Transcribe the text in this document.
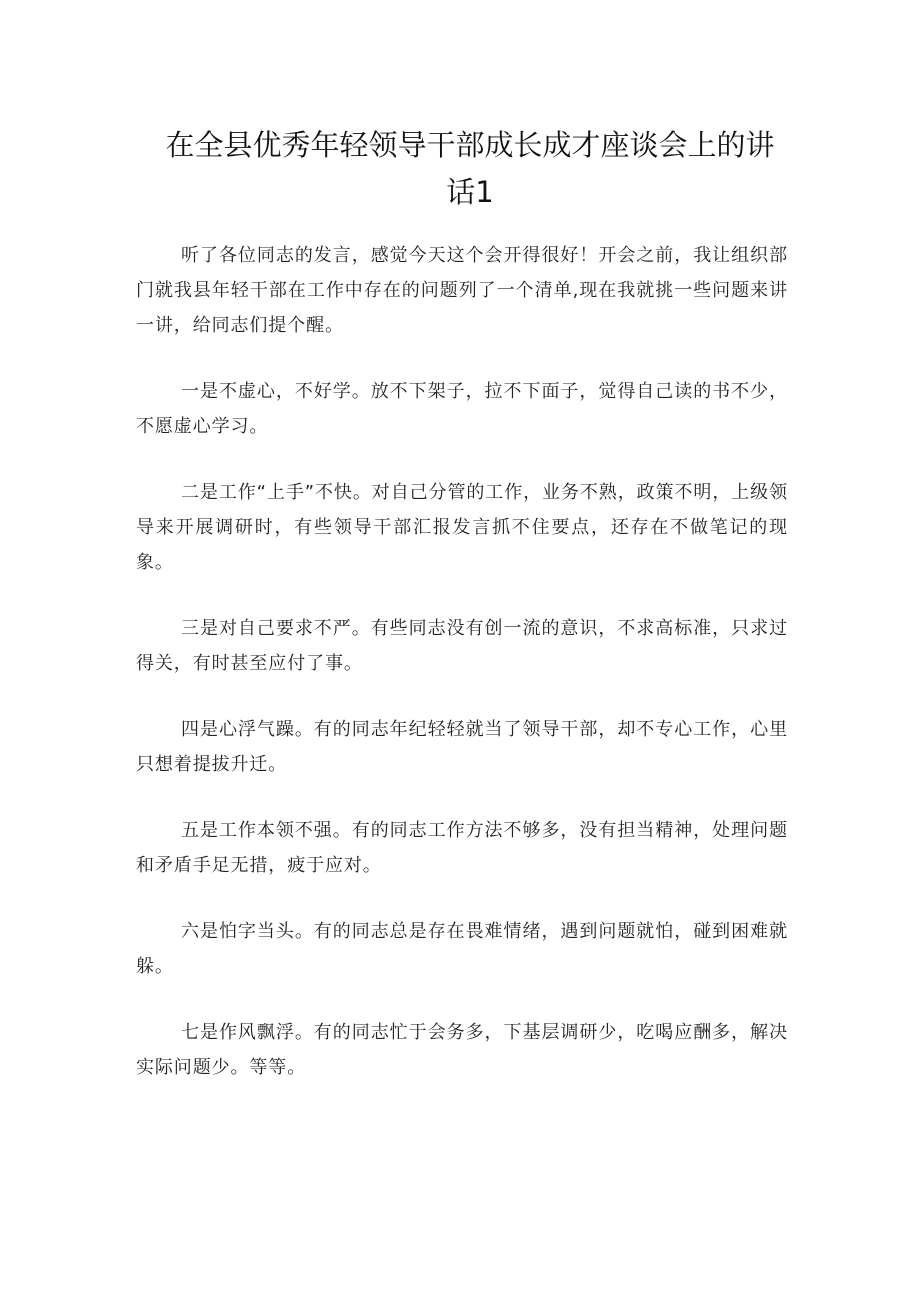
在全县优秀年轻领导干部成长成才座谈会上的讲
话1

听了各位同志的发言，感觉今天这个会开得很好！开会之前，我让组织部门就我县年轻干部在工作中存在的问题列了一个清单,现在我就挑一些问题来讲一讲，给同志们提个醒。

一是不虚心，不好学。放不下架子，拉不下面子，觉得自己读的书不少，不愿虚心学习。

二是工作“上手”不快。对自己分管的工作，业务不熟，政策不明，上级领导来开展调研时，有些领导干部汇报发言抓不住要点，还存在不做笔记的现象。

三是对自己要求不严。有些同志没有创一流的意识，不求高标准，只求过得关，有时甚至应付了事。

四是心浮气躁。有的同志年纪轻轻就当了领导干部，却不专心工作，心里只想着提拔升迁。

五是工作本领不强。有的同志工作方法不够多，没有担当精神，处理问题和矛盾手足无措，疲于应对。

六是怕字当头。有的同志总是存在畏难情绪，遇到问题就怕，碰到困难就躲。

七是作风飘浮。有的同志忙于会务多，下基层调研少，吃喝应酬多，解决实际问题少。等等。
